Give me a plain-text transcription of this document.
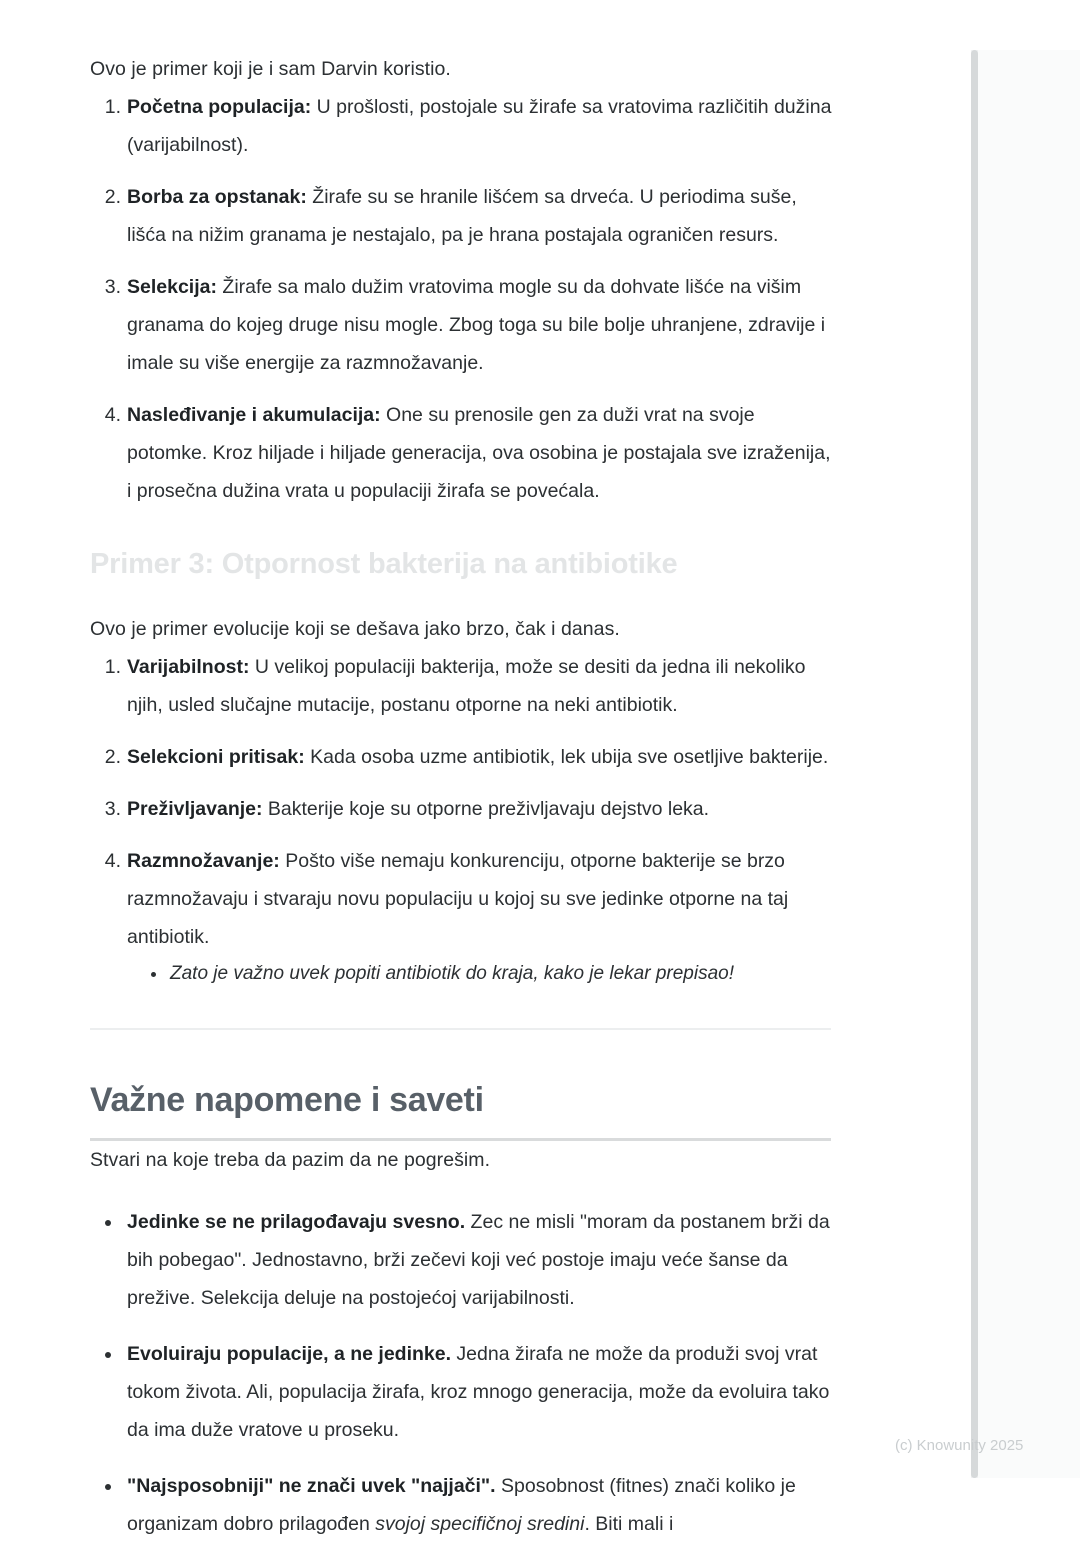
Ovo je primer koji je i sam Darvin koristio.

Početna populacija: U prošlosti, postojale su žirafe sa vratovima različitih dužina (varijabilnost).
Borba za opstanak: Žirafe su se hranile lišćem sa drveća. U periodima suše, lišća na nižim granama je nestajalo, pa je hrana postajala ograničen resurs.
Selekcija: Žirafe sa malo dužim vratovima mogle su da dohvate lišće na višim granama do kojeg druge nisu mogle. Zbog toga su bile bolje uhranjene, zdravije i imale su više energije za razmnožavanje.
Nasleđivanje i akumulacija: One su prenosile gen za duži vrat na svoje potomke. Kroz hiljade i hiljade generacija, ova osobina je postajala sve izraženija, i prosečna dužina vrata u populaciji žirafa se povećala.
Primer 3: Otpornost bakterija na antibiotike

Ovo je primer evolucije koji se dešava jako brzo, čak i danas.

Varijabilnost: U velikoj populaciji bakterija, može se desiti da jedna ili nekoliko njih, usled slučajne mutacije, postanu otporne na neki antibiotik.
Selekcioni pritisak: Kada osoba uzme antibiotik, lek ubija sve osetljive bakterije.
Preživljavanje: Bakterije koje su otporne preživljavaju dejstvo leka.
Razmnožavanje: Pošto više nemaju konkurenciju, otporne bakterije se brzo razmnožavaju i stvaraju novu populaciju u kojoj su sve jedinke otporne na taj antibiotik.
Zato je važno uvek popiti antibiotik do kraja, kako je lekar prepisao!
Važne napomene i saveti

Stvari na koje treba da pazim da ne pogrešim.

Jedinke se ne prilagođavaju svesno. Zec ne misli "moram da postanem brži da bih pobegao". Jednostavno, brži zečevi koji već postoje imaju veće šanse da prežive. Selekcija deluje na postojećoj varijabilnosti.
Evoluiraju populacije, a ne jedinke. Jedna žirafa ne može da produži svoj vrat tokom života. Ali, populacija žirafa, kroz mnogo generacija, može da evoluira tako da ima duže vratove u proseku.
"Najsposobniji" ne znači uvek "najjači". Sposobnost (fitnes) znači koliko je organizam dobro prilagođen svojoj specifičnoj sredini. Biti mali i
(c) Knowunity 2025
